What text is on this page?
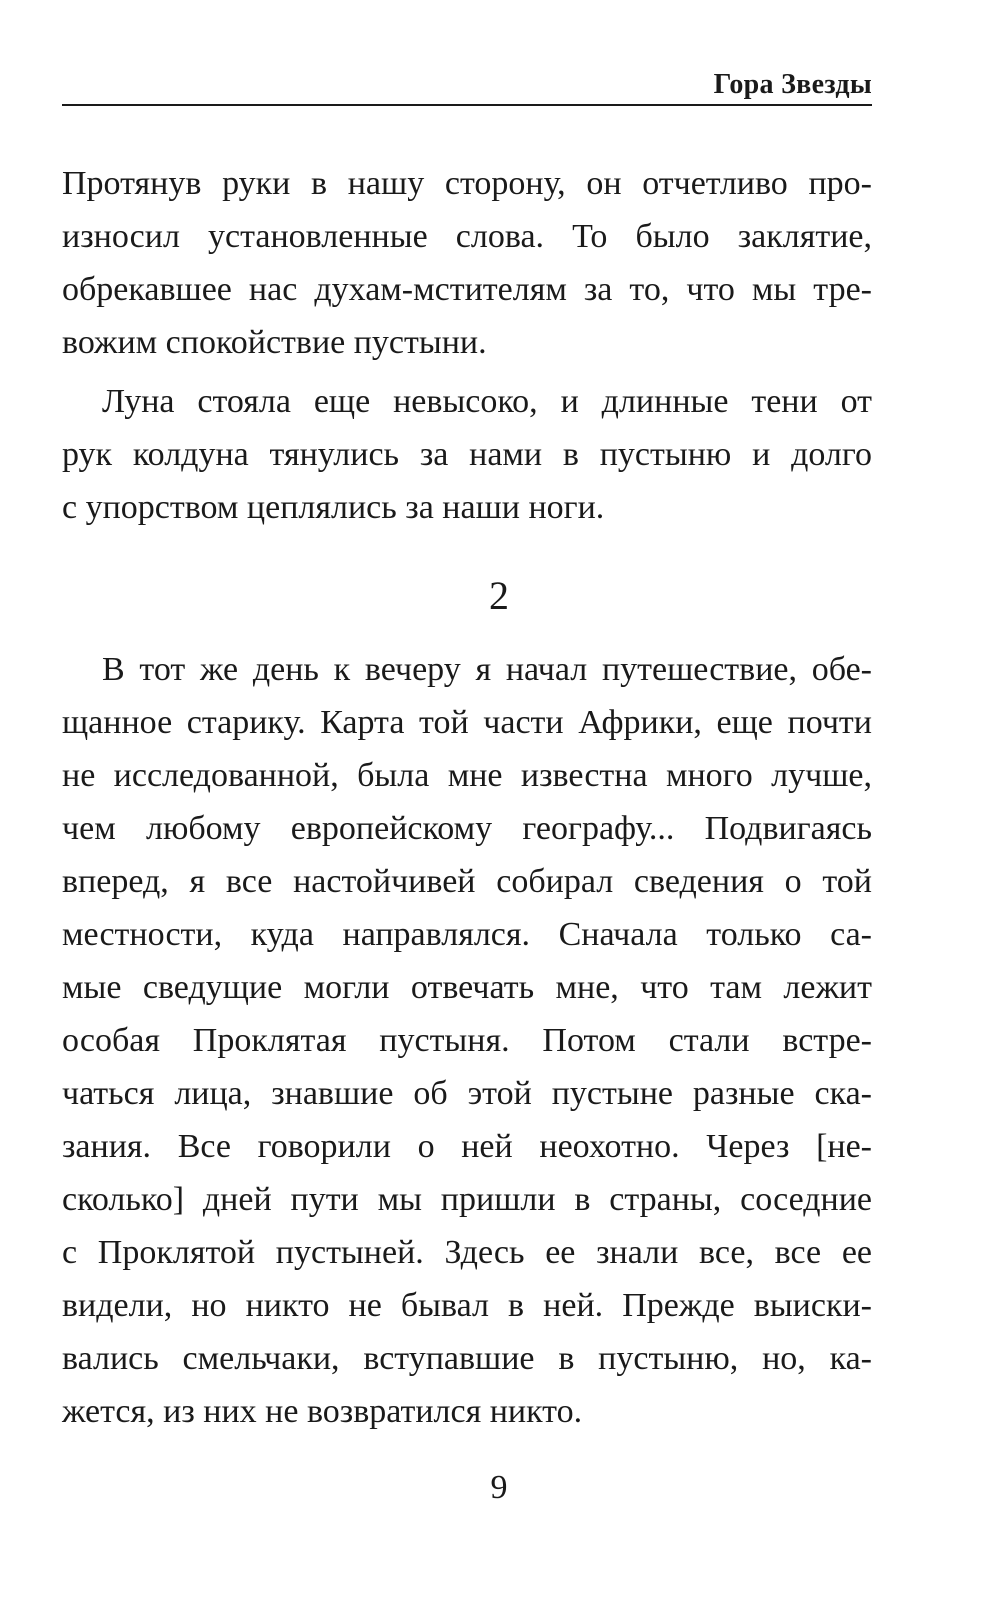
Гора Звезды
Протянув руки в нашу сторону, он отчетливо про-
износил установленные слова. То было заклятие,
обрекавшее нас духам-мстителям за то, что мы тре-
вожим спокойствие пустыни.
Луна стояла еще невысоко, и длинные тени от
рук колдуна тянулись за нами в пустыню и долго
с упорством цеплялись за наши ноги.
2
В тот же день к вечеру я начал путешествие, обе-
щанное старику. Карта той части Африки, еще почти
не исследованной, была мне известна много лучше,
чем любому европейскому географу... Подвигаясь
вперед, я все настойчивей собирал сведения о той
местности, куда направлялся. Сначала только са-
мые сведущие могли отвечать мне, что там лежит
особая Проклятая пустыня. Потом стали встре-
чаться лица, знавшие об этой пустыне разные ска-
зания. Все говорили о ней неохотно. Через [не-
сколько] дней пути мы пришли в страны, соседние
с Проклятой пустыней. Здесь ее знали все, все ее
видели, но никто не бывал в ней. Прежде выиски-
вались смельчаки, вступавшие в пустыню, но, ка-
жется, из них не возвратился никто.
9
